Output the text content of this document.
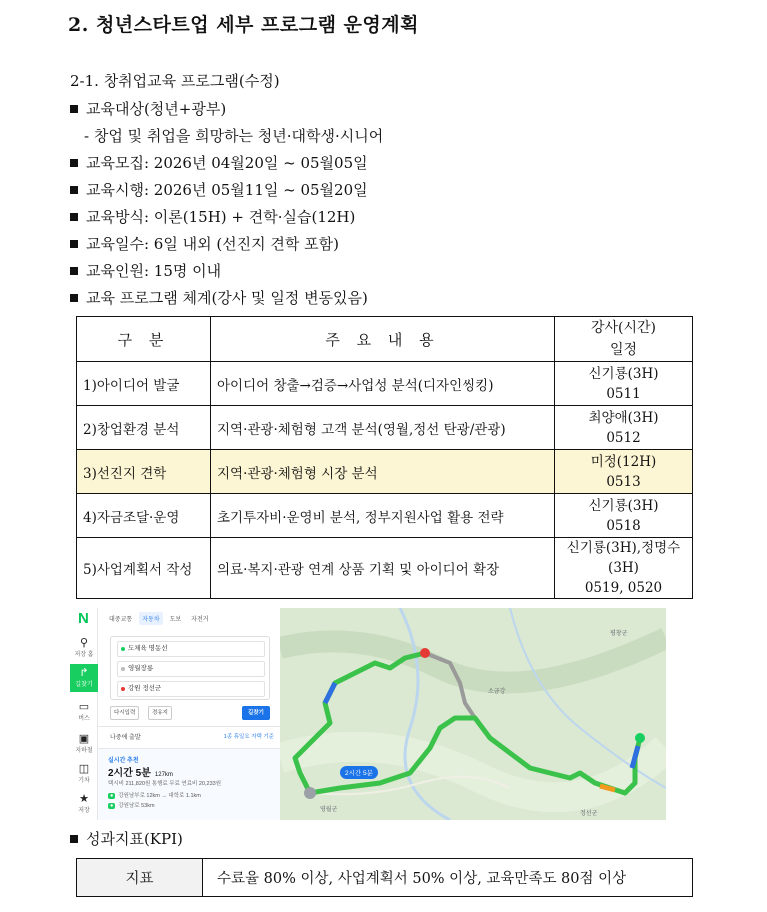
2. 청년스타트업 세부 프로그램 운영계획
2-1. 창취업교육 프로그램(수정)
교육대상(청년+광부)
- 창업 및 취업을 희망하는 청년·대학생·시니어
교육모집: 2026년 04월20일 ~ 05월05일
교육시행: 2026년 05월11일 ~ 05월20일
교육방식: 이론(15H) + 견학·실습(12H)
교육일수: 6일 내외 (선진지 견학 포함)
교육인원: 15명 이내
교육 프로그램 체계(강사 및 일정 변동있음)
구 분	주 요 내 용	강사(시간)
일정

1)아이디어 발굴	아이디어 창출→검증→사업성 분석(디자인씽킹)	신기룡(3H)
0511

2)창업환경 분석	지역·관광·체험형 고객 분석(영월,정선 탄광/관광)	최양애(3H)
0512

3)선진지 견학	지역·관광·체험형 시장 분석	미정(12H)
0513

4)자금조달·운영	초기투자비·운영비 분석, 정부지원사업 활용 전략	신기룡(3H)
0518

5)사업계획서 작성	의료·복지·관광 연계 상품 기획 및 아이디어 확장	신기룡(3H),정명수(3H)
0519, 0520
N
⚲
저장 홈
↱
길찾기
▭
버스
▣
지하철
◫
기차
★
저장
대중교통	자동차	도보	자전거
도체육 명동선
영월장롱
강원 정선군
다시입력	경유지	길찾기
나중에 출발	1종 휴일요 자택 기준
실시간 추천
2시간 5분 127km
택시비 211,820원 통행료 무료 연료비 20,233원
● 강원남부로 12km → 대학로 1.1km
● 강원남로 53km
2시간 5분
소금강
정선군
영월군
평창군
성과지표(KPI)
지표	수료율 80% 이상, 사업계획서 50% 이상, 교육만족도 80점 이상
